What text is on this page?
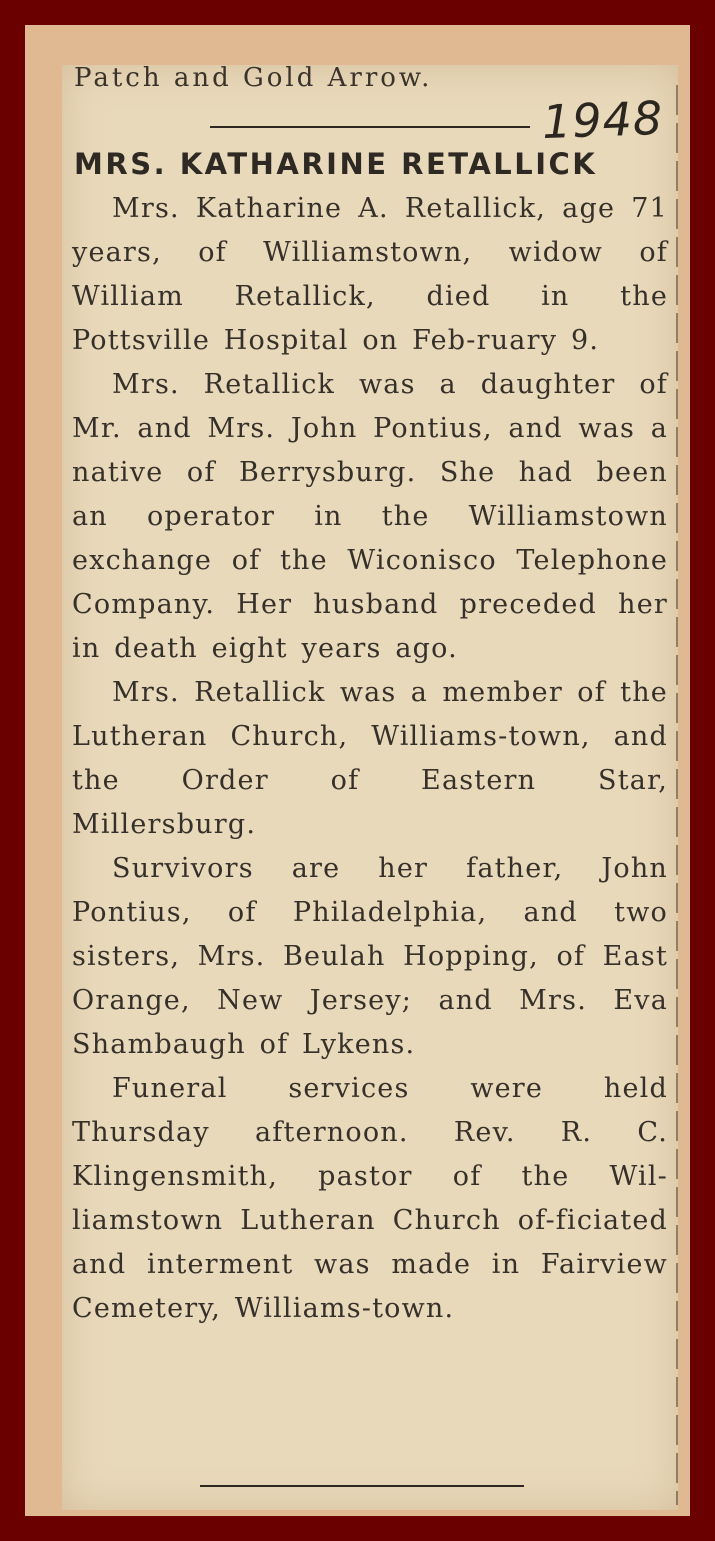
Patch and Gold Arrow.
1948
MRS. KATHARINE RETALLICK

Mrs. Katharine A. Retallick, age 71 years, of Williamstown, widow of William Retallick, died in the Pottsville Hospital on Feb-ruary 9.

Mrs. Retallick was a daughter of Mr. and Mrs. John Pontius, and was a native of Berrysburg. She had been an operator in the Williamstown exchange of the Wiconisco Telephone Company. Her husband preceded her in death eight years ago.

Mrs. Retallick was a member of the Lutheran Church, Williams-town, and the Order of Eastern Star, Millersburg.

Survivors are her father, John Pontius, of Philadelphia, and two sisters, Mrs. Beulah Hopping, of East Orange, New Jersey; and Mrs. Eva Shambaugh of Lykens.

Funeral services were held Thursday afternoon. Rev. R. C. Klingensmith, pastor of the Wil-liamstown Lutheran Church of-ficiated and interment was made in Fairview Cemetery, Williams-town.
